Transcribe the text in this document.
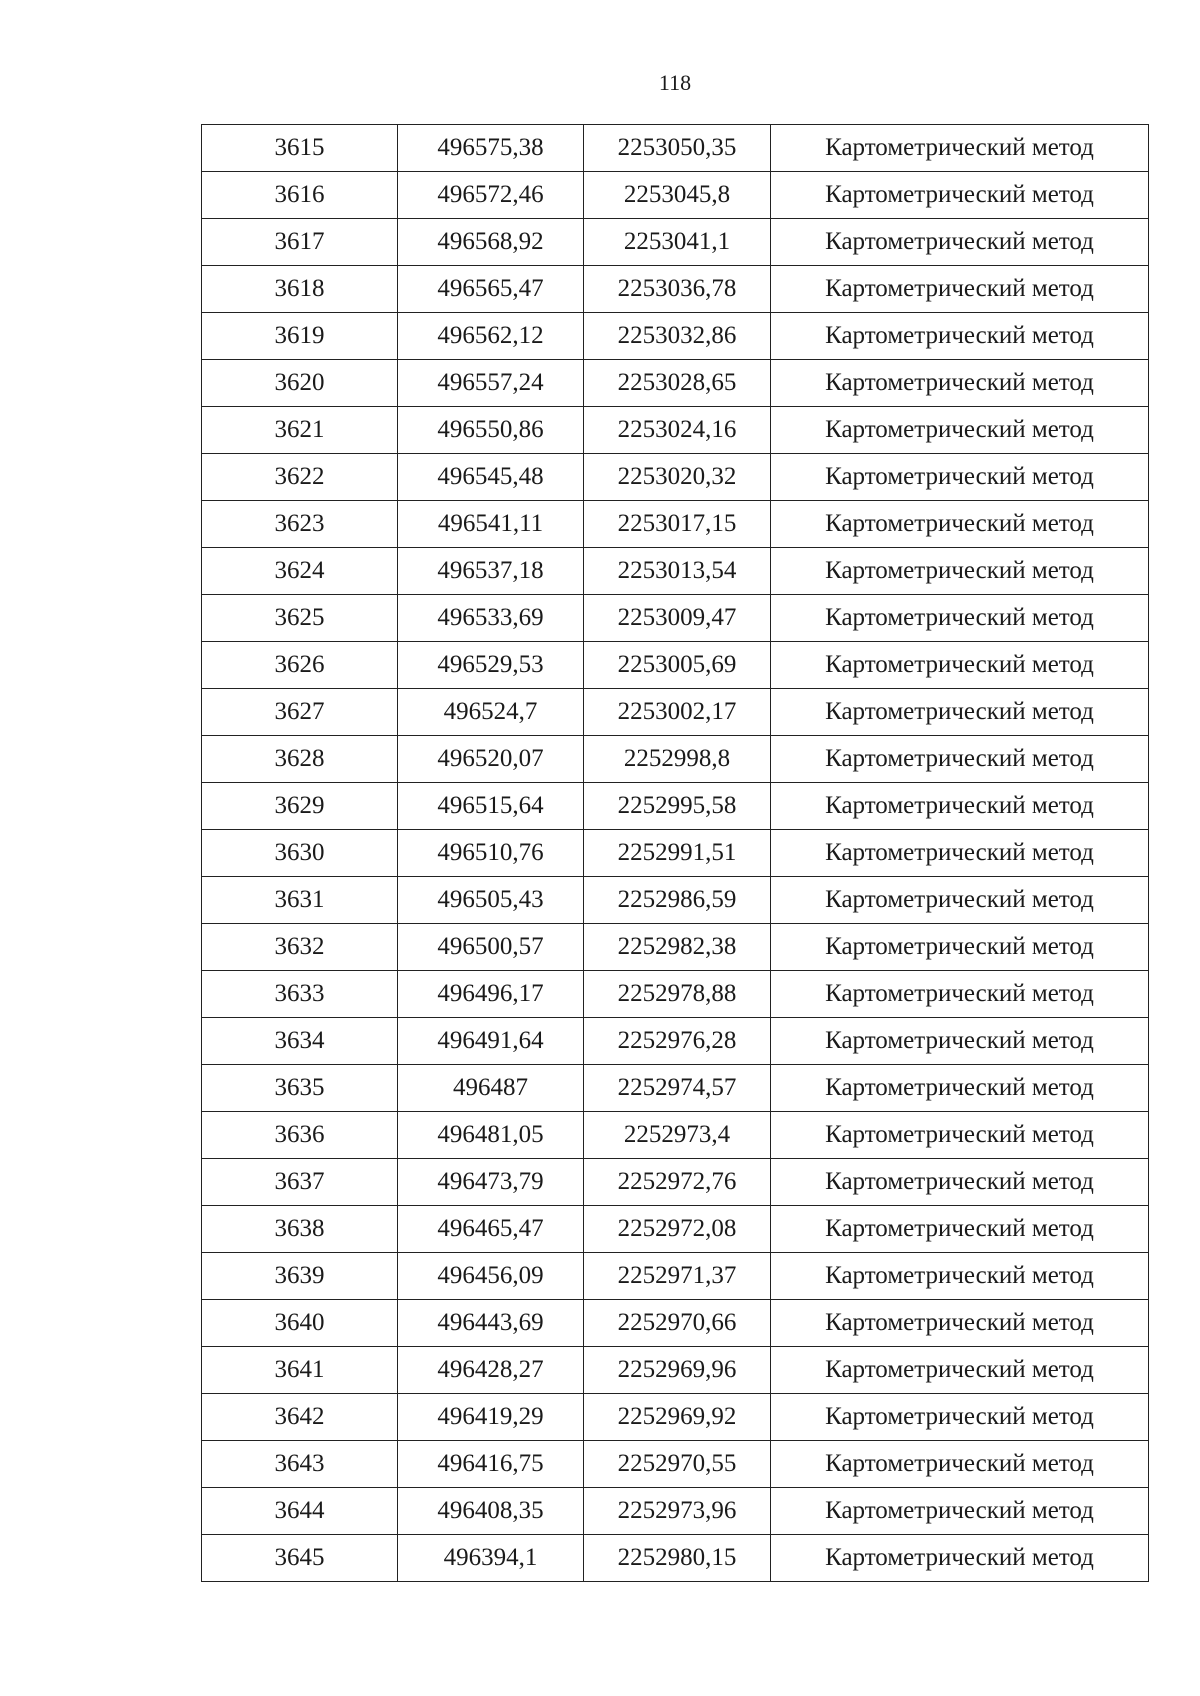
118
3615	496575,38	2253050,35	Картометрический метод
3616	496572,46	2253045,8	Картометрический метод
3617	496568,92	2253041,1	Картометрический метод
3618	496565,47	2253036,78	Картометрический метод
3619	496562,12	2253032,86	Картометрический метод
3620	496557,24	2253028,65	Картометрический метод
3621	496550,86	2253024,16	Картометрический метод
3622	496545,48	2253020,32	Картометрический метод
3623	496541,11	2253017,15	Картометрический метод
3624	496537,18	2253013,54	Картометрический метод
3625	496533,69	2253009,47	Картометрический метод
3626	496529,53	2253005,69	Картометрический метод
3627	496524,7	2253002,17	Картометрический метод
3628	496520,07	2252998,8	Картометрический метод
3629	496515,64	2252995,58	Картометрический метод
3630	496510,76	2252991,51	Картометрический метод
3631	496505,43	2252986,59	Картометрический метод
3632	496500,57	2252982,38	Картометрический метод
3633	496496,17	2252978,88	Картометрический метод
3634	496491,64	2252976,28	Картометрический метод
3635	496487	2252974,57	Картометрический метод
3636	496481,05	2252973,4	Картометрический метод
3637	496473,79	2252972,76	Картометрический метод
3638	496465,47	2252972,08	Картометрический метод
3639	496456,09	2252971,37	Картометрический метод
3640	496443,69	2252970,66	Картометрический метод
3641	496428,27	2252969,96	Картометрический метод
3642	496419,29	2252969,92	Картометрический метод
3643	496416,75	2252970,55	Картометрический метод
3644	496408,35	2252973,96	Картометрический метод
3645	496394,1	2252980,15	Картометрический метод
